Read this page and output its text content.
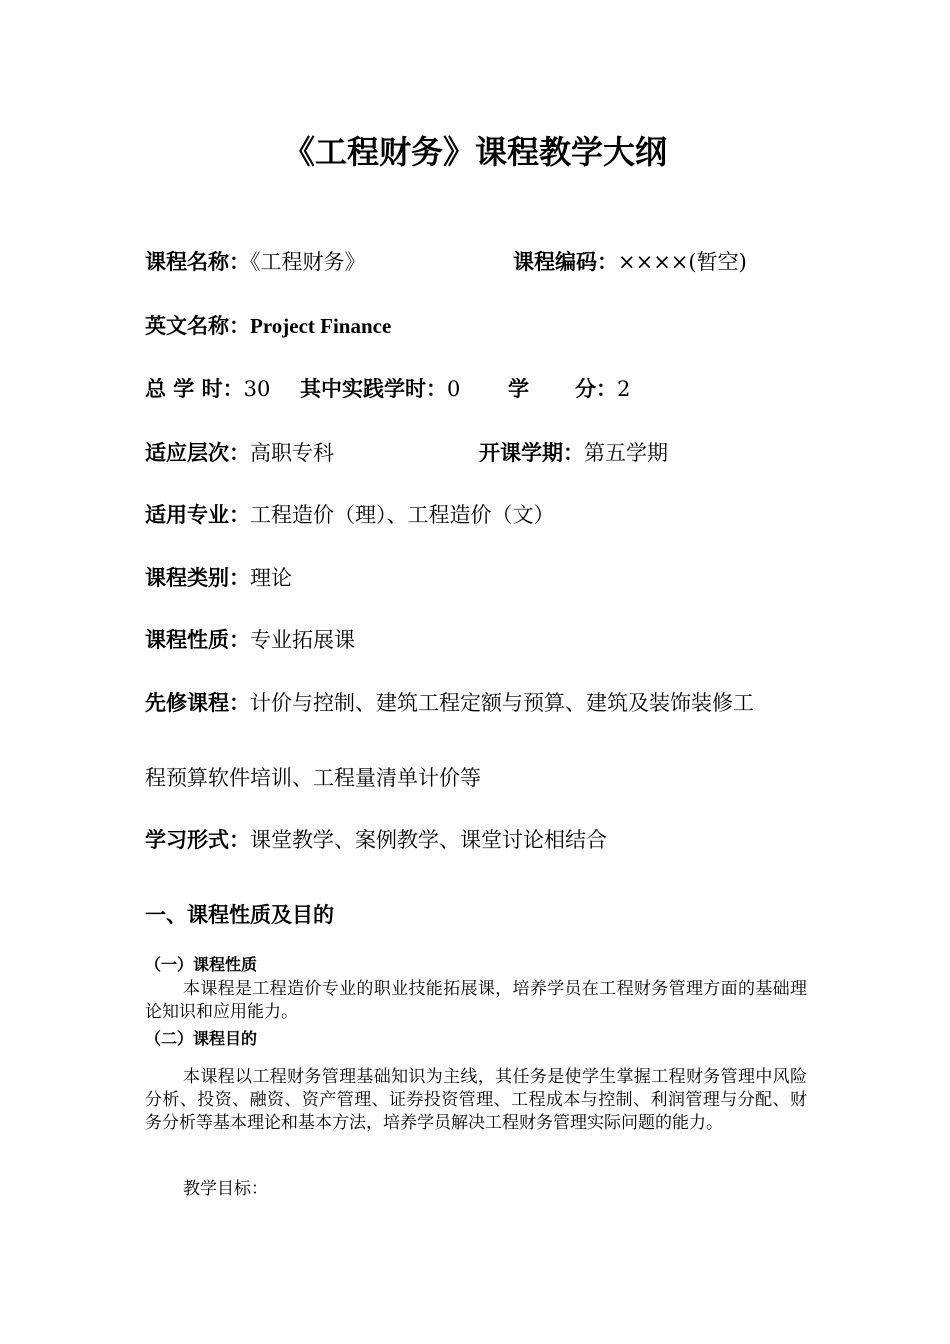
《工程财务》课程教学大纲
课程名称：《工程财务》	课程编码：××××(暂空)
英文名称：Project Finance
总 学 时：30 其中实践学时：0 学 分：2
适应层次：高职专科	开课学期：第五学期
适用专业：工程造价（理）、工程造价（文）
课程类别：理论
课程性质：专业拓展课
先修课程：计价与控制、建筑工程定额与预算、建筑及装饰装修工
程预算软件培训、工程量清单计价等
学习形式：课堂教学、案例教学、课堂讨论相结合
一、课程性质及目的
（一）课程性质
本课程是工程造价专业的职业技能拓展课，培养学员在工程财务管理方面的基础理论知识和应用能力。
（二）课程目的
本课程以工程财务管理基础知识为主线，其任务是使学生掌握工程财务管理中风险分析、投资、融资、资产管理、证券投资管理、工程成本与控制、利润管理与分配、财务分析等基本理论和基本方法，培养学员解决工程财务管理实际问题的能力。
教学目标：
